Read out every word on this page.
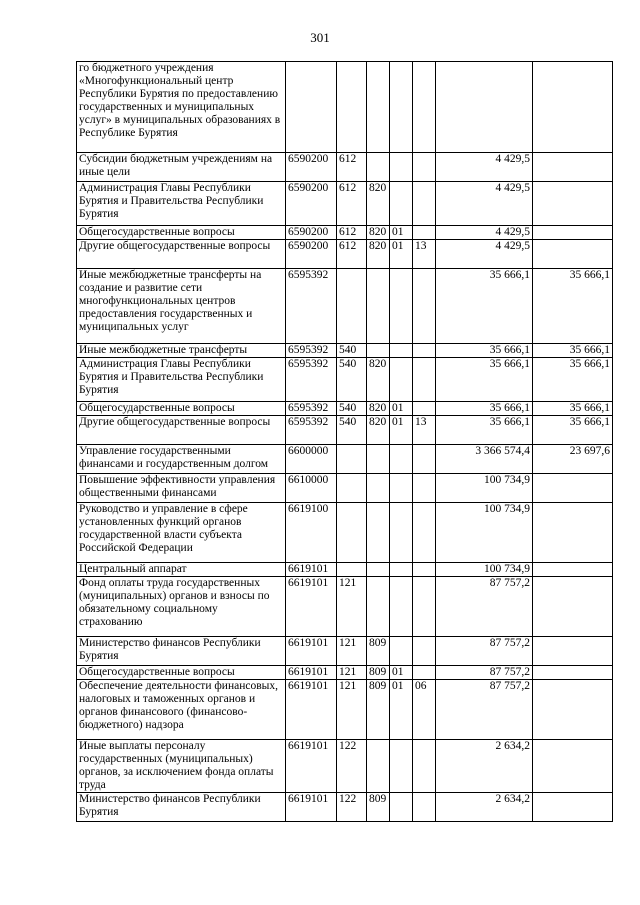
301
го бюджетного учреждения «Многофункциональный центр Республики Бурятия по предоставлению государственных и муниципальных услуг» в муниципальных образованиях в Республике Бурятия							
Субсидии бюджетным учреждениям на иные цели	6590200	612				4 429,5	
Администрация Главы Республики Бурятия и Правительства Республики Бурятия	6590200	612	820			4 429,5	
Общегосударственные вопросы	6590200	612	820	01		4 429,5	
Другие общегосударственные вопросы	6590200	612	820	01	13	4 429,5	
Иные межбюджетные трансферты на создание и развитие сети многофункциональных центров предоставления государственных и муниципальных услуг	6595392					35 666,1	35 666,1
Иные межбюджетные трансферты	6595392	540				35 666,1	35 666,1
Администрация Главы Республики Бурятия и Правительства Республики Бурятия	6595392	540	820			35 666,1	35 666,1
Общегосударственные вопросы	6595392	540	820	01		35 666,1	35 666,1
Другие общегосударственные вопросы	6595392	540	820	01	13	35 666,1	35 666,1
Управление государственными финансами и государственным долгом	6600000					3 366 574,4	23 697,6
Повышение эффективности управления общественными финансами	6610000					100 734,9	
Руководство и управление в сфере установленных функций органов государственной власти субъекта Российской Федерации	6619100					100 734,9	
Центральный аппарат	6619101					100 734,9	
Фонд оплаты труда государственных (муниципальных) органов и взносы по обязательному социальному страхованию	6619101	121				87 757,2	
Министерство финансов Республики Бурятия	6619101	121	809			87 757,2	
Общегосударственные вопросы	6619101	121	809	01		87 757,2	
Обеспечение деятельности финансовых, налоговых и таможенных органов и органов финансового (финансово-бюджетного) надзора	6619101	121	809	01	06	87 757,2	
Иные выплаты персоналу государственных (муниципальных) органов, за исключением фонда оплаты труда	6619101	122				2 634,2	
Министерство финансов Республики Бурятия	6619101	122	809			2 634,2	
